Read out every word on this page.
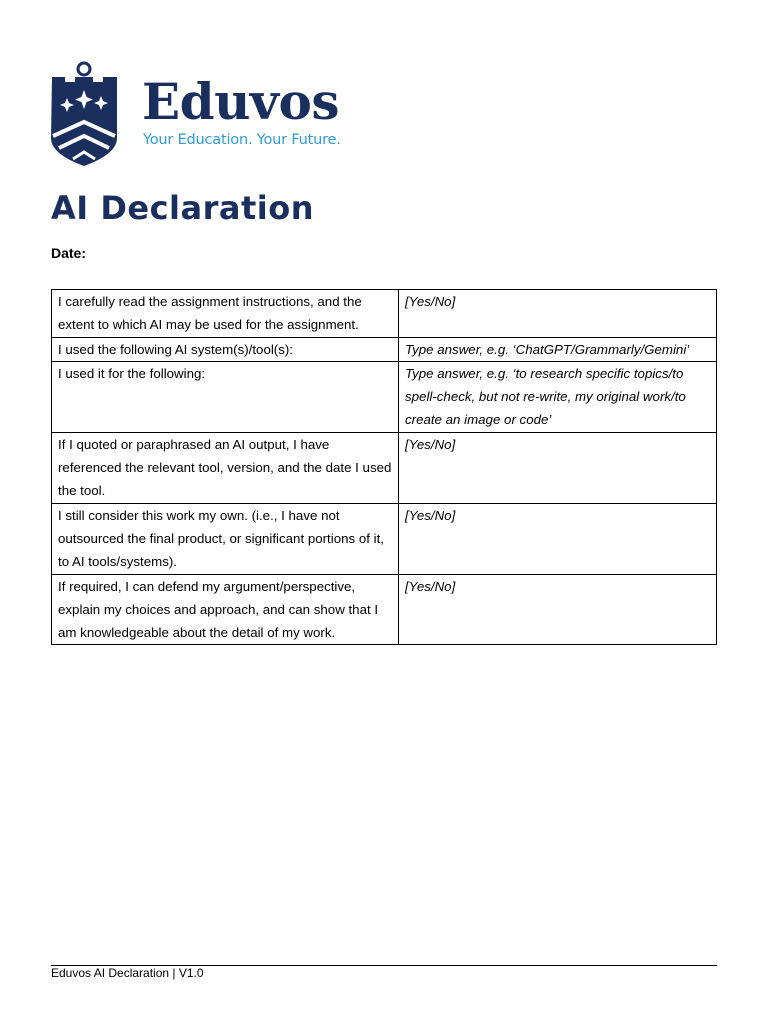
Eduvos
Your Education. Your Future.
AI Declaration
Date:
I carefully read the assignment instructions, and the extent to which AI may be used for the assignment.	[Yes/No]
I used the following AI system(s)/tool(s):	Type answer, e.g. ‘ChatGPT/Grammarly/Gemini’
I used it for the following:	Type answer, e.g. ‘to research specific topics/to spell-check, but not re-write, my original work/to create an image or code’
If I quoted or paraphrased an AI output, I have referenced the relevant tool, version, and the date I used the tool.	[Yes/No]
I still consider this work my own. (i.e., I have not outsourced the final product, or significant portions of it, to AI tools/systems).	[Yes/No]
If required, I can defend my argument/perspective, explain my choices and approach, and can show that I am knowledgeable about the detail of my work.	[Yes/No]
Eduvos AI Declaration | V1.0
